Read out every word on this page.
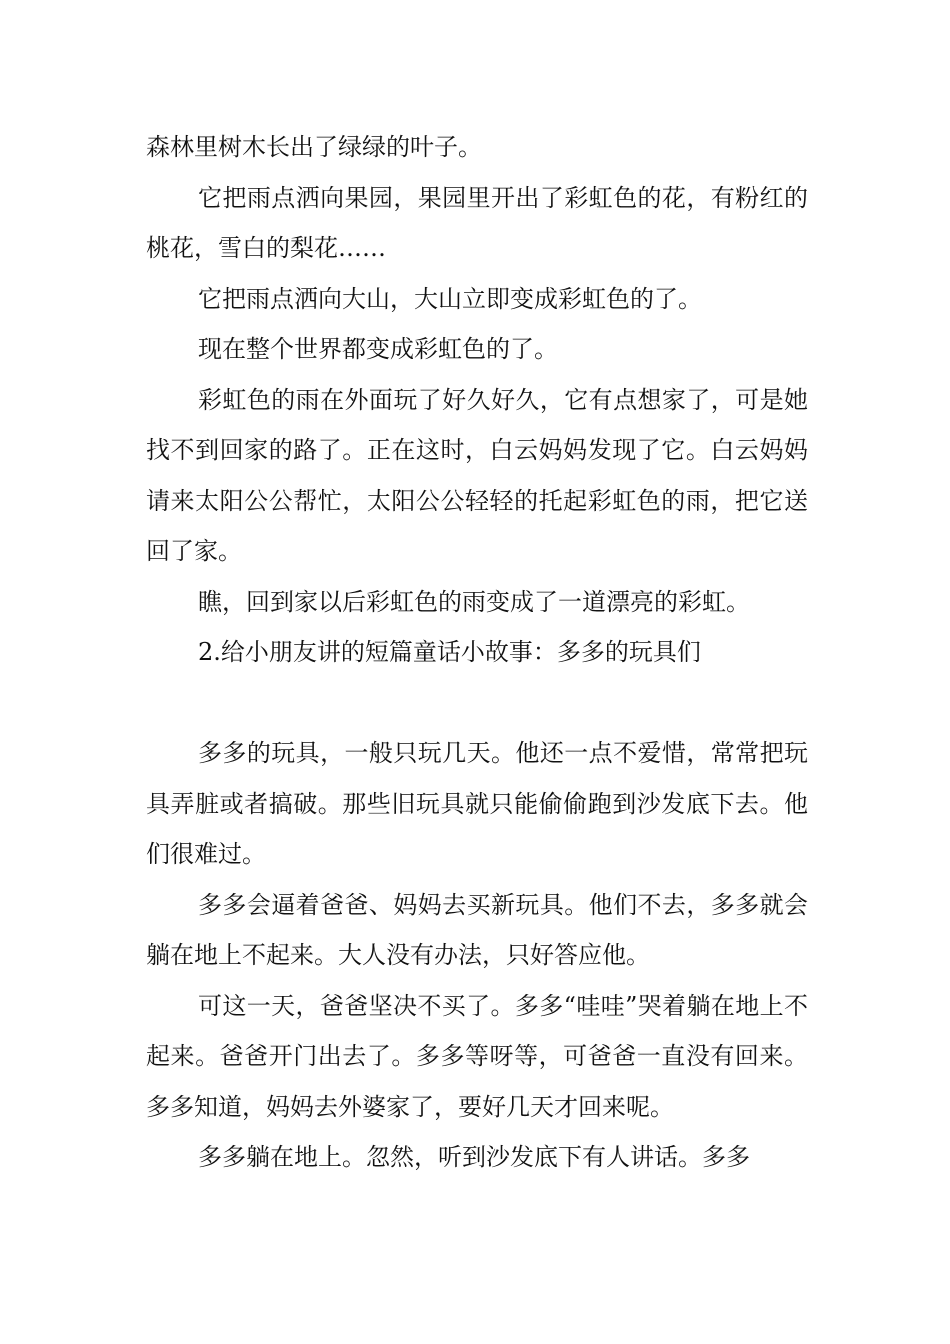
森林里树木长出了绿绿的叶子。

它把雨点洒向果园，果园里开出了彩虹色的花，有粉红的桃花，雪白的梨花……

它把雨点洒向大山，大山立即变成彩虹色的了。

现在整个世界都变成彩虹色的了。

彩虹色的雨在外面玩了好久好久，它有点想家了，可是她找不到回家的路了。正在这时，白云妈妈发现了它。白云妈妈请来太阳公公帮忙，太阳公公轻轻的托起彩虹色的雨，把它送回了家。

瞧，回到家以后彩虹色的雨变成了一道漂亮的彩虹。

2.给小朋友讲的短篇童话小故事：多多的玩具们

多多的玩具，一般只玩几天。他还一点不爱惜，常常把玩具弄脏或者搞破。那些旧玩具就只能偷偷跑到沙发底下去。他们很难过。

多多会逼着爸爸、妈妈去买新玩具。他们不去，多多就会躺在地上不起来。大人没有办法，只好答应他。

可这一天，爸爸坚决不买了。多多“哇哇”哭着躺在地上不起来。爸爸开门出去了。多多等呀等，可爸爸一直没有回来。多多知道，妈妈去外婆家了，要好几天才回来呢。

多多躺在地上。忽然，听到沙发底下有人讲话。多多
